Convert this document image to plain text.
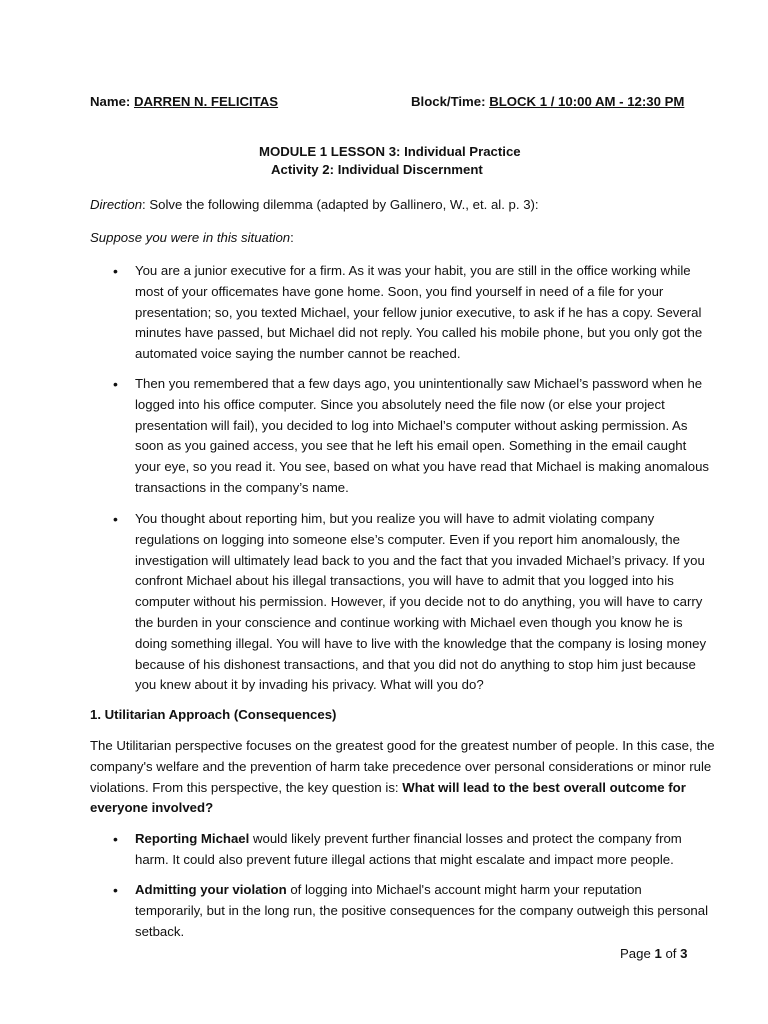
Name: DARREN N. FELICITAS	Block/Time: BLOCK 1 / 10:00 AM - 12:30 PM
MODULE 1 LESSON 3: Individual Practice
Activity 2: Individual Discernment
Direction: Solve the following dilemma (adapted by Gallinero, W., et. al. p. 3):
Suppose you were in this situation:
• You are a junior executive for a firm. As it was your habit, you are still in the office working while
most of your officemates have gone home. Soon, you find yourself in need of a file for your
presentation; so, you texted Michael, your fellow junior executive, to ask if he has a copy. Several
minutes have passed, but Michael did not reply. You called his mobile phone, but you only got the
automated voice saying the number cannot be reached.
• Then you remembered that a few days ago, you unintentionally saw Michael’s password when he
logged into his office computer. Since you absolutely need the file now (or else your project
presentation will fail), you decided to log into Michael’s computer without asking permission. As
soon as you gained access, you see that he left his email open. Something in the email caught
your eye, so you read it. You see, based on what you have read that Michael is making anomalous
transactions in the company’s name.
• You thought about reporting him, but you realize you will have to admit violating company
regulations on logging into someone else’s computer. Even if you report him anomalously, the
investigation will ultimately lead back to you and the fact that you invaded Michael’s privacy. If you
confront Michael about his illegal transactions, you will have to admit that you logged into his
computer without his permission. However, if you decide not to do anything, you will have to carry
the burden in your conscience and continue working with Michael even though you know he is
doing something illegal. You will have to live with the knowledge that the company is losing money
because of his dishonest transactions, and that you did not do anything to stop him just because
you knew about it by invading his privacy. What will you do?
1. Utilitarian Approach (Consequences)
The Utilitarian perspective focuses on the greatest good for the greatest number of people. In this case, the
company's welfare and the prevention of harm take precedence over personal considerations or minor rule
violations. From this perspective, the key question is: What will lead to the best overall outcome for
everyone involved?
• Reporting Michael would likely prevent further financial losses and protect the company from
harm. It could also prevent future illegal actions that might escalate and impact more people.
• Admitting your violation of logging into Michael's account might harm your reputation
temporarily, but in the long run, the positive consequences for the company outweigh this personal
setback.
Page 1 of 3
